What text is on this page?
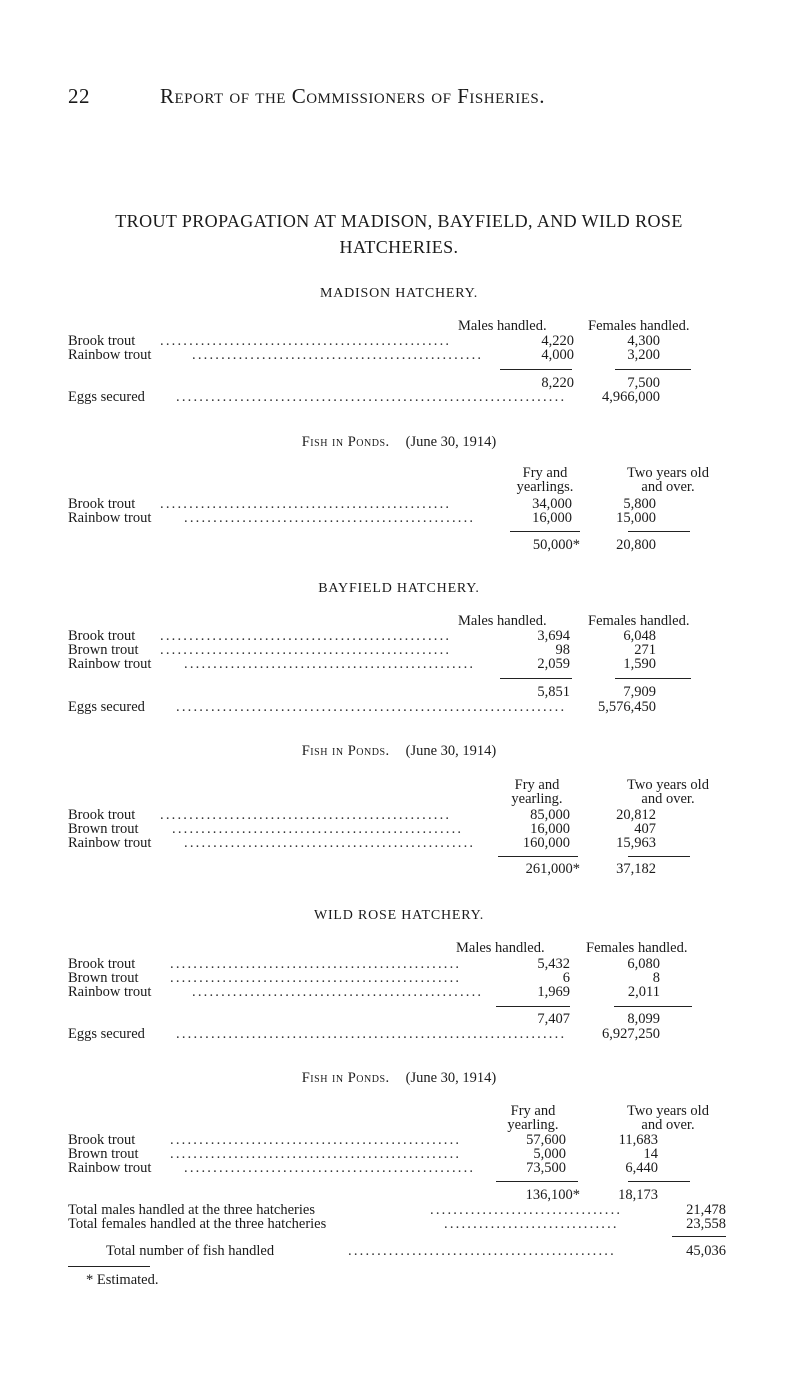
22	Report of the Commissioners of Fisheries.
TROUT PROPAGATION AT MADISON, BAYFIELD, AND WILD ROSE HATCHERIES.
MADISON HATCHERY.
Males handled.	Females handled.
Brook trout ..................................................	4,220	4,300
Rainbow trout	..................................................	4,000	3,200
8,220	7,500
Eggs secured ...................................................................	4,966,000
Fish in Ponds. (June 30, 1914)
Fry and
yearlings.
Two years old
and over.
Brook trout ..................................................	34,000	5,800
Rainbow trout ..................................................	16,000	15,000
50,000* 20,800
BAYFIELD HATCHERY.
Males handled.	Females handled.
Brook trout ..................................................	3,694	6,048
Brown trout ..................................................	98	271
Rainbow trout ..................................................	2,059	1,590
5,851	7,909
Eggs secured ...................................................................	5,576,450
Fish in Ponds. (June 30, 1914)
Fry and
yearling.
Two years old
and over.
Brook trout ..................................................	85,000	20,812
Brown trout ..................................................	16,000	407
Rainbow trout ..................................................	160,000	15,963
261,000* 37,182
WILD ROSE HATCHERY.
Males handled.	Females handled.
Brook trout ..................................................	5,432	6,080
Brown trout ..................................................	6	8
Rainbow trout	..................................................	1,969	2,011
7,407	8,099
Eggs secured ...................................................................	6,927,250
Fish in Ponds. (June 30, 1914)
Fry and
yearling.
Two years old
and over.
Brook trout ..................................................	57,600	11,683
Brown trout ..................................................	5,000	14
Rainbow trout ..................................................	73,500	6,440
136,100*	18,173
Total males handled at the three hatcheries	.................................	21,478
Total females handled at the three hatcheries	..............................	23,558
Total number of fish handled	..............................................	45,036
* Estimated.
